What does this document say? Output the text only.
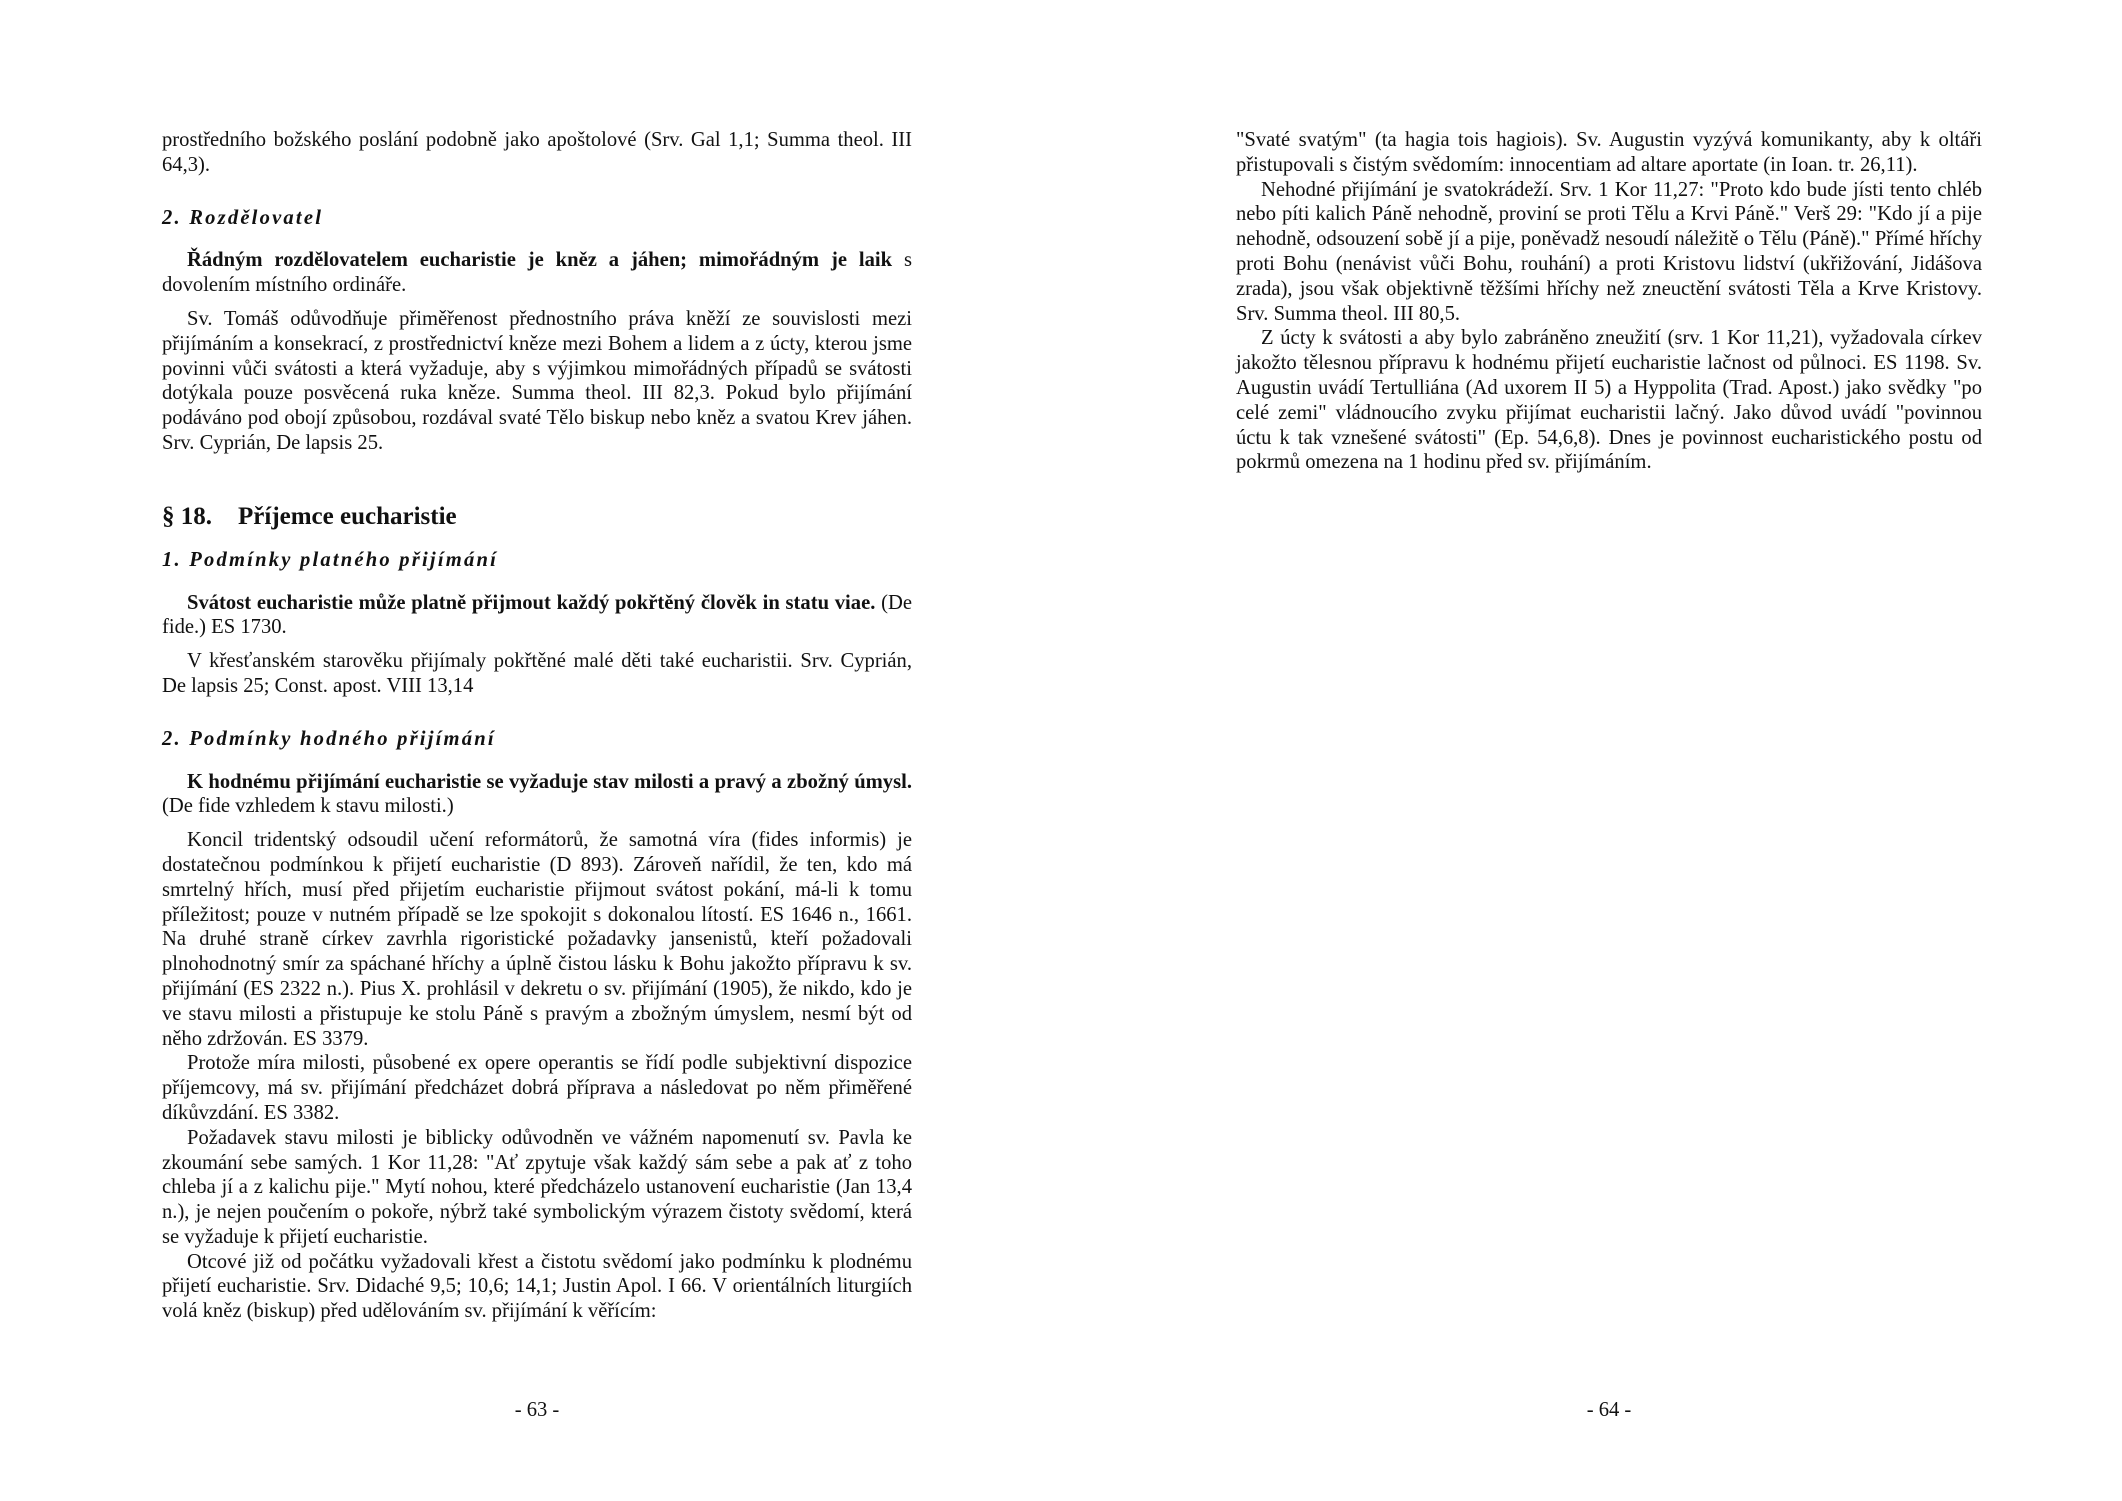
prostředního božského poslání podobně jako apoštolové (Srv. Gal 1,1; Summa theol. III 64,3).

2. Rozdělovatel

Řádným rozdělovatelem eucharistie je kněz a jáhen; mimořádným je laik s dovolením místního ordináře.

Sv. Tomáš odůvodňuje přiměřenost přednostního práva kněží ze souvislosti mezi přijímáním a konsekrací, z prostřednictví kněze mezi Bohem a lidem a z úcty, kterou jsme povinni vůči svátosti a která vyžaduje, aby s výjimkou mimořádných případů se svátosti dotýkala pouze posvěcená ruka kněze. Summa theol. III 82,3. Pokud bylo přijímání podáváno pod obojí způsobou, rozdával svaté Tělo biskup nebo kněz a svatou Krev jáhen. Srv. Cyprián, De lapsis 25.

§ 18. Příjemce eucharistie
1. Podmínky platného přijímání

Svátost eucharistie může platně přijmout každý pokřtěný člověk in statu viae. (De fide.) ES 1730.

V křesťanském starověku přijímaly pokřtěné malé děti také eucharistii. Srv. Cyprián, De lapsis 25; Const. apost. VIII 13,14

2. Podmínky hodného přijímání

K hodnému přijímání eucharistie se vyžaduje stav milosti a pravý a zbožný úmysl. (De fide vzhledem k stavu milosti.)

Koncil tridentský odsoudil učení reformátorů, že samotná víra (fides informis) je dostatečnou podmínkou k přijetí eucharistie (D 893). Zároveň nařídil, že ten, kdo má smrtelný hřích, musí před přijetím eucharistie přijmout svátost pokání, má-li k tomu příležitost; pouze v nutném případě se lze spokojit s dokonalou lítostí. ES 1646 n., 1661. Na druhé straně církev zavrhla rigoristické požadavky jansenistů, kteří požadovali plnohodnotný smír za spáchané hříchy a úplně čistou lásku k Bohu jakožto přípravu k sv. přijímání (ES 2322 n.). Pius X. prohlásil v dekretu o sv. přijímání (1905), že nikdo, kdo je ve stavu milosti a přistupuje ke stolu Páně s pravým a zbožným úmyslem, nesmí být od něho zdržován. ES 3379.

Protože míra milosti, působené ex opere operantis se řídí podle subjektivní dispozice příjemcovy, má sv. přijímání předcházet dobrá příprava a následovat po něm přiměřené díkůvzdání. ES 3382.

Požadavek stavu milosti je biblicky odůvodněn ve vážném napomenutí sv. Pavla ke zkoumání sebe samých. 1 Kor 11,28: "Ať zpytuje však každý sám sebe a pak ať z toho chleba jí a z kalichu pije." Mytí nohou, které předcházelo ustanovení eucharistie (Jan 13,4 n.), je nejen poučením o pokoře, nýbrž také symbolickým výrazem čistoty svědomí, která se vyžaduje k přijetí eucharistie.

Otcové již od počátku vyžadovali křest a čistotu svědomí jako podmínku k plodnému přijetí eucharistie. Srv. Didaché 9,5; 10,6; 14,1; Justin Apol. I 66. V orientálních liturgiích volá kněz (biskup) před udělováním sv. přijímání k věřícím:

- 63 -

"Svaté svatým" (ta hagia tois hagiois). Sv. Augustin vyzývá komunikanty, aby k oltáři přistupovali s čistým svědomím: innocentiam ad altare aportate (in Ioan. tr. 26,11).

Nehodné přijímání je svatokrádeží. Srv. 1 Kor 11,27: "Proto kdo bude jísti tento chléb nebo píti kalich Páně nehodně, proviní se proti Tělu a Krvi Páně." Verš 29: "Kdo jí a pije nehodně, odsouzení sobě jí a pije, poněvadž nesoudí náležitě o Tělu (Páně)." Přímé hříchy proti Bohu (nenávist vůči Bohu, rouhání) a proti Kristovu lidství (ukřižování, Jidášova zrada), jsou však objektivně těžšími hříchy než zneuctění svátosti Těla a Krve Kristovy. Srv. Summa theol. III 80,5.

Z úcty k svátosti a aby bylo zabráněno zneužití (srv. 1 Kor 11,21), vyžadovala církev jakožto tělesnou přípravu k hodnému přijetí eucharistie lačnost od půlnoci. ES 1198. Sv. Augustin uvádí Tertulliána (Ad uxorem II 5) a Hyppolita (Trad. Apost.) jako svědky "po celé zemi" vládnoucího zvyku přijímat eucharistii lačný. Jako důvod uvádí "povinnou úctu k tak vznešené svátosti" (Ep. 54,6,8). Dnes je povinnost eucharistického postu od pokrmů omezena na 1 hodinu před sv. přijímáním.

- 64 -
